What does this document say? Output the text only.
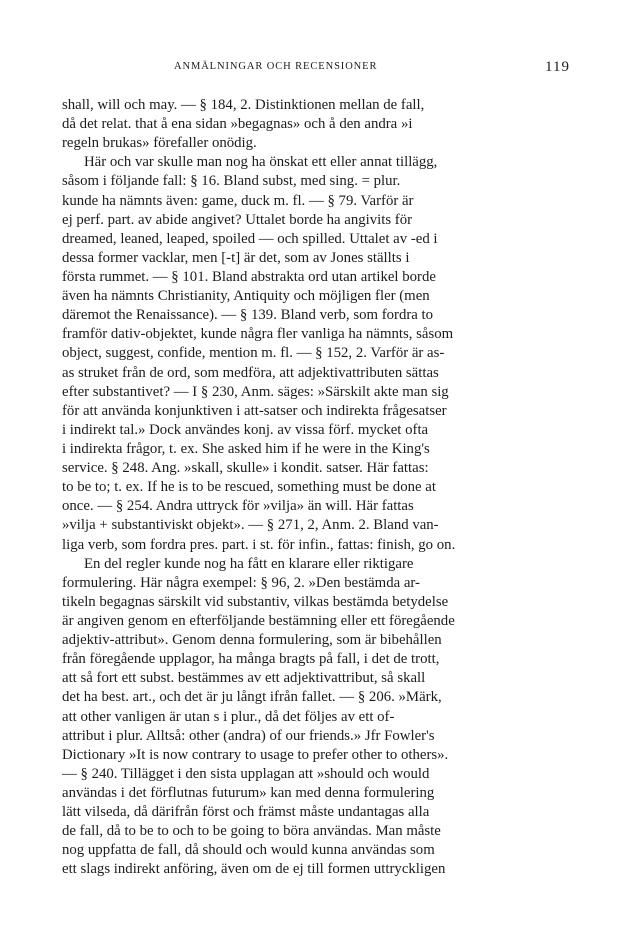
ANMÄLNINGAR OCH RECENSIONER	119
shall, will och may. — § 184, 2. Distinktionen mellan de fall,
då det relat. that å ena sidan »begagnas» och å den andra »i
regeln brukas» förefaller onödig.
Här och var skulle man nog ha önskat ett eller annat tillägg,
såsom i följande fall: § 16. Bland subst, med sing. = plur.
kunde ha nämnts även: game, duck m. fl. — § 79. Varför är
ej perf. part. av abide angivet? Uttalet borde ha angivits för
dreamed, leaned, leaped, spoiled — och spilled. Uttalet av -ed i
dessa former vacklar, men [-t] är det, som av Jones ställts i
första rummet. — § 101. Bland abstrakta ord utan artikel borde
även ha nämnts Christianity, Antiquity och möjligen fler (men
däremot the Renaissance). — § 139. Bland verb, som fordra to
framför dativ-objektet, kunde några fler vanliga ha nämnts, såsom
object, suggest, confide, mention m. fl. — § 152, 2. Varför är as-
as struket från de ord, som medföra, att adjektivattributen sättas
efter substantivet? — I § 230, Anm. säges: »Särskilt akte man sig
för att använda konjunktiven i att-satser och indirekta frågesatser
i indirekt tal.» Dock användes konj. av vissa förf. mycket ofta
i indirekta frågor, t. ex. She asked him if he were in the King's
service. § 248. Ang. »skall, skulle» i kondit. satser. Här fattas:
to be to; t. ex. If he is to be rescued, something must be done at
once. — § 254. Andra uttryck för »vilja» än will. Här fattas
»vilja + substantiviskt objekt». — § 271, 2, Anm. 2. Bland van-
liga verb, som fordra pres. part. i st. för infin., fattas: finish, go on.
En del regler kunde nog ha fått en klarare eller riktigare
formulering. Här några exempel: § 96, 2. »Den bestämda ar-
tikeln begagnas särskilt vid substantiv, vilkas bestämda betydelse
är angiven genom en efterföljande bestämning eller ett föregående
adjektiv-attribut». Genom denna formulering, som är bibehållen
från föregående upplagor, ha många bragts på fall, i det de trott,
att så fort ett subst. bestämmes av ett adjektivattribut, så skall
det ha best. art., och det är ju långt ifrån fallet. — § 206. »Märk,
att other vanligen är utan s i plur., då det följes av ett of-
attribut i plur. Alltså: other (andra) of our friends.» Jfr Fowler's
Dictionary »It is now contrary to usage to prefer other to others».
— § 240. Tillägget i den sista upplagan att »should och would
användas i det förflutnas futurum» kan med denna formulering
lätt vilseda, då därifrån först och främst måste undantagas alla
de fall, då to be to och to be going to böra användas. Man måste
nog uppfatta de fall, då should och would kunna användas som
ett slags indirekt anföring, även om de ej till formen uttryckligen
